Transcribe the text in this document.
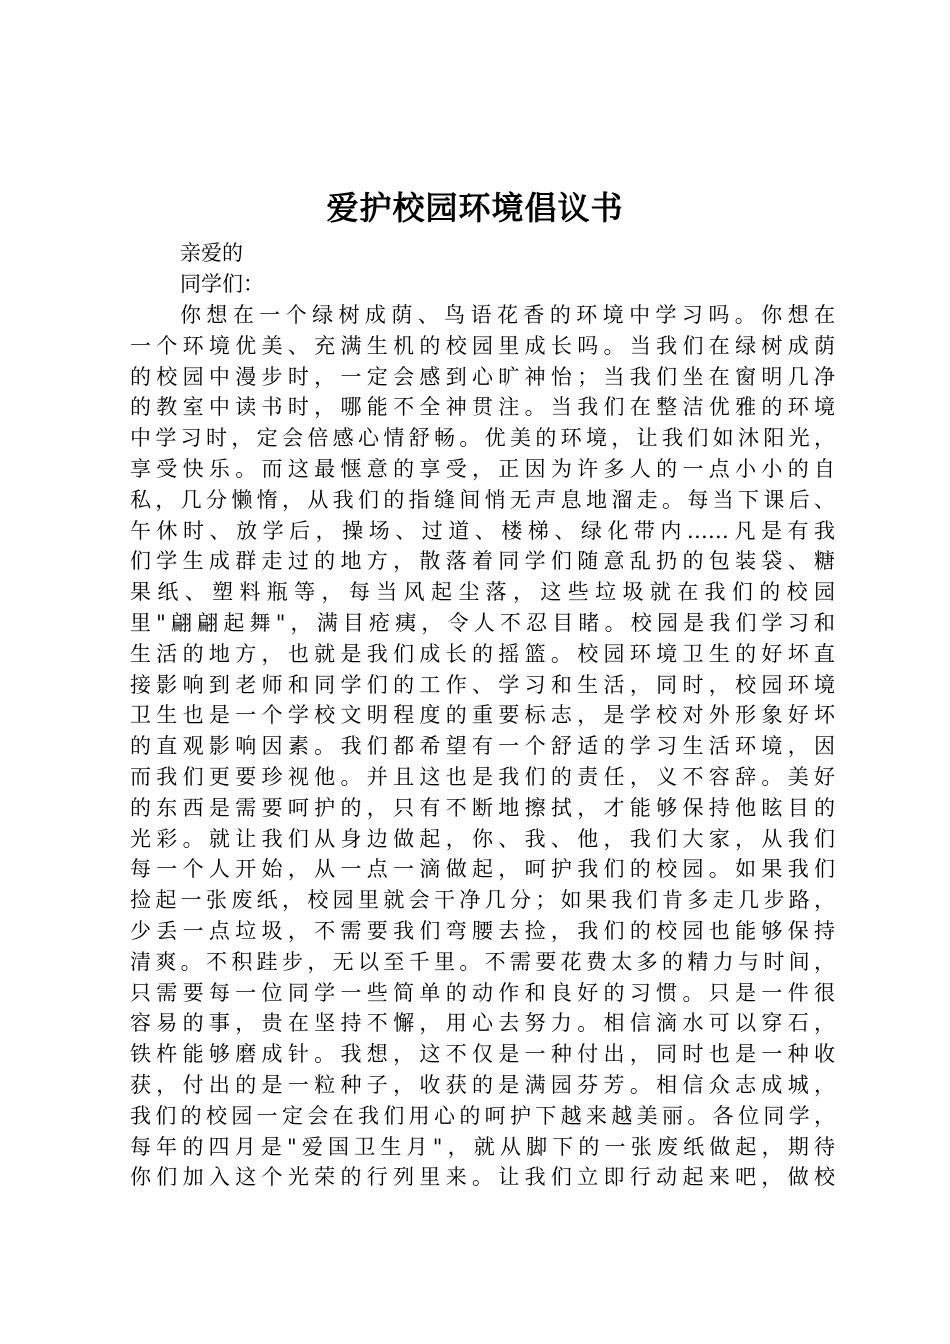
爱护校园环境倡议书
亲爱的
同学们：
你想在一个绿树成荫、鸟语花香的环境中学习吗。你想在
一个环境优美、充满生机的校园里成长吗。当我们在绿树成荫
的校园中漫步时，一定会感到心旷神怡；当我们坐在窗明几净
的教室中读书时，哪能不全神贯注。当我们在整洁优雅的环境
中学习时，定会倍感心情舒畅。优美的环境，让我们如沐阳光，
享受快乐。而这最惬意的享受，正因为许多人的一点小小的自
私，几分懒惰，从我们的指缝间悄无声息地溜走。每当下课后、
午休时、放学后，操场、过道、楼梯、绿化带内……凡是有我
们学生成群走过的地方，散落着同学们随意乱扔的包装袋、糖
果纸、塑料瓶等，每当风起尘落，这些垃圾就在我们的校园
里"翩翩起舞"，满目疮痍，令人不忍目睹。校园是我们学习和
生活的地方，也就是我们成长的摇篮。校园环境卫生的好坏直
接影响到老师和同学们的工作、学习和生活，同时，校园环境
卫生也是一个学校文明程度的重要标志，是学校对外形象好坏
的直观影响因素。我们都希望有一个舒适的学习生活环境，因
而我们更要珍视他。并且这也是我们的责任，义不容辞。美好
的东西是需要呵护的，只有不断地擦拭，才能够保持他眩目的
光彩。就让我们从身边做起，你、我、他，我们大家，从我们
每一个人开始，从一点一滴做起，呵护我们的校园。如果我们
捡起一张废纸，校园里就会干净几分；如果我们肯多走几步路，
少丢一点垃圾，不需要我们弯腰去捡，我们的校园也能够保持
清爽。不积跬步，无以至千里。不需要花费太多的精力与时间，
只需要每一位同学一些简单的动作和良好的习惯。只是一件很
容易的事，贵在坚持不懈，用心去努力。相信滴水可以穿石，
铁杵能够磨成针。我想，这不仅是一种付出，同时也是一种收
获，付出的是一粒种子，收获的是满园芬芳。相信众志成城，
我们的校园一定会在我们用心的呵护下越来越美丽。各位同学，
每年的四月是"爱国卫生月"，就从脚下的一张废纸做起，期待
你们加入这个光荣的行列里来。让我们立即行动起来吧，做校
